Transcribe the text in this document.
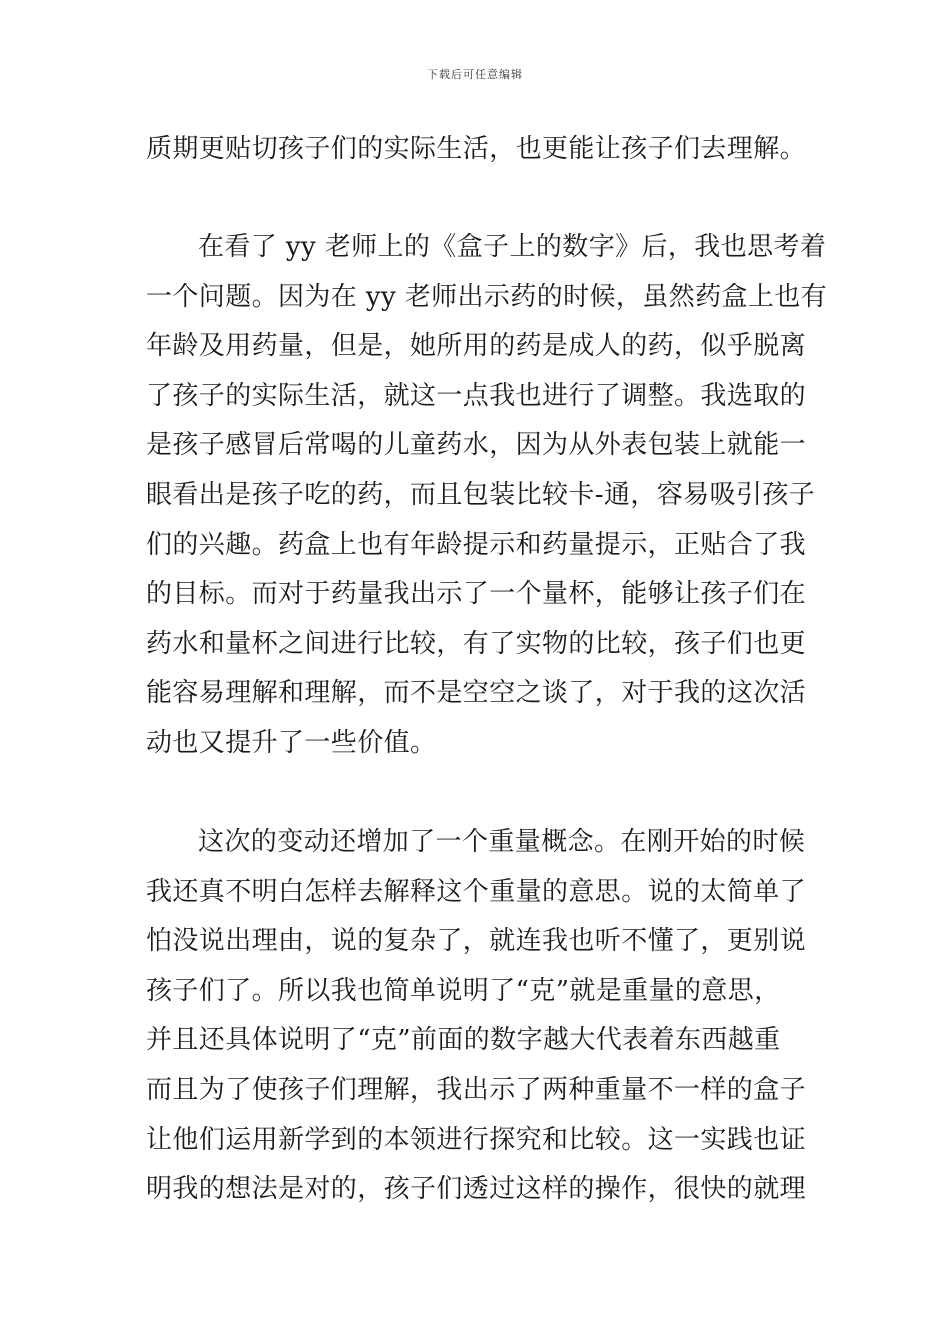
下载后可任意编辑
质期更贴切孩子们的实际生活，也更能让孩子们去理解。
在看了 yy 老师上的《盒子上的数字》后，我也思考着
一个问题。因为在 yy 老师出示药的时候，虽然药盒上也有
年龄及用药量，但是，她所用的药是成人的药，似乎脱离
了孩子的实际生活，就这一点我也进行了调整。我选取的
是孩子感冒后常喝的儿童药水，因为从外表包装上就能一
眼看出是孩子吃的药，而且包装比较卡-通，容易吸引孩子
们的兴趣。药盒上也有年龄提示和药量提示，正贴合了我
的目标。而对于药量我出示了一个量杯，能够让孩子们在
药水和量杯之间进行比较，有了实物的比较，孩子们也更
能容易理解和理解，而不是空空之谈了，对于我的这次活
动也又提升了一些价值。
这次的变动还增加了一个重量概念。在刚开始的时候
我还真不明白怎样去解释这个重量的意思。说的太简单了
怕没说出理由，说的复杂了，就连我也听不懂了，更别说
孩子们了。所以我也简单说明了“克”就是重量的意思，
并且还具体说明了“克”前面的数字越大代表着东西越重
而且为了使孩子们理解，我出示了两种重量不一样的盒子
让他们运用新学到的本领进行探究和比较。这一实践也证
明我的想法是对的，孩子们透过这样的操作，很快的就理
